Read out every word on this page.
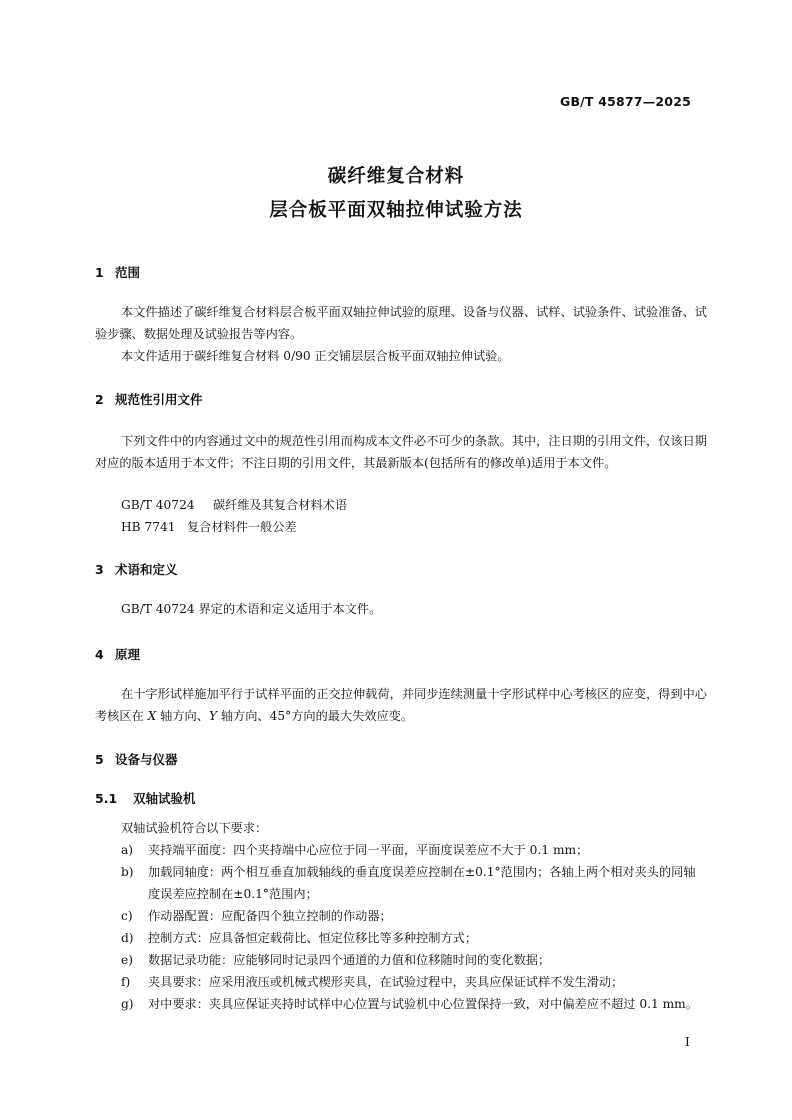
GB/T 45877—2025
碳纤维复合材料
层合板平面双轴拉伸试验方法
1 范围
本文件描述了碳纤维复合材料层合板平面双轴拉伸试验的原理、设备与仪器、试样、试验条件、试验准备、试验步骤、数据处理及试验报告等内容。
本文件适用于碳纤维复合材料 0/90 正交铺层层合板平面双轴拉伸试验。
2 规范性引用文件
下列文件中的内容通过文中的规范性引用而构成本文件必不可少的条款。其中，注日期的引用文件，仅该日期对应的版本适用于本文件；不注日期的引用文件，其最新版本(包括所有的修改单)适用于本文件。
GB/T 40724 碳纤维及其复合材料术语
HB 7741 复合材料件一般公差
3 术语和定义
GB/T 40724 界定的术语和定义适用于本文件。
4 原理
在十字形试样施加平行于试样平面的正交拉伸载荷，并同步连续测量十字形试样中心考核区的应变，得到中心考核区在 X 轴方向、Y 轴方向、45°方向的最大失效应变。
5 设备与仪器
5.1 双轴试验机
双轴试验机符合以下要求：
a) 夹持端平面度：四个夹持端中心应位于同一平面，平面度误差应不大于 0.1 mm；
b) 加载同轴度：两个相互垂直加载轴线的垂直度误差应控制在±0.1°范围内；各轴上两个相对夹头的同轴度误差应控制在±0.1°范围内；
c) 作动器配置：应配备四个独立控制的作动器；
d) 控制方式：应具备恒定载荷比、恒定位移比等多种控制方式；
e) 数据记录功能：应能够同时记录四个通道的力值和位移随时间的变化数据；
f) 夹具要求：应采用液压或机械式楔形夹具，在试验过程中，夹具应保证试样不发生滑动；
g) 对中要求：夹具应保证夹持时试样中心位置与试验机中心位置保持一致，对中偏差应不超过 0.1 mm。
I
